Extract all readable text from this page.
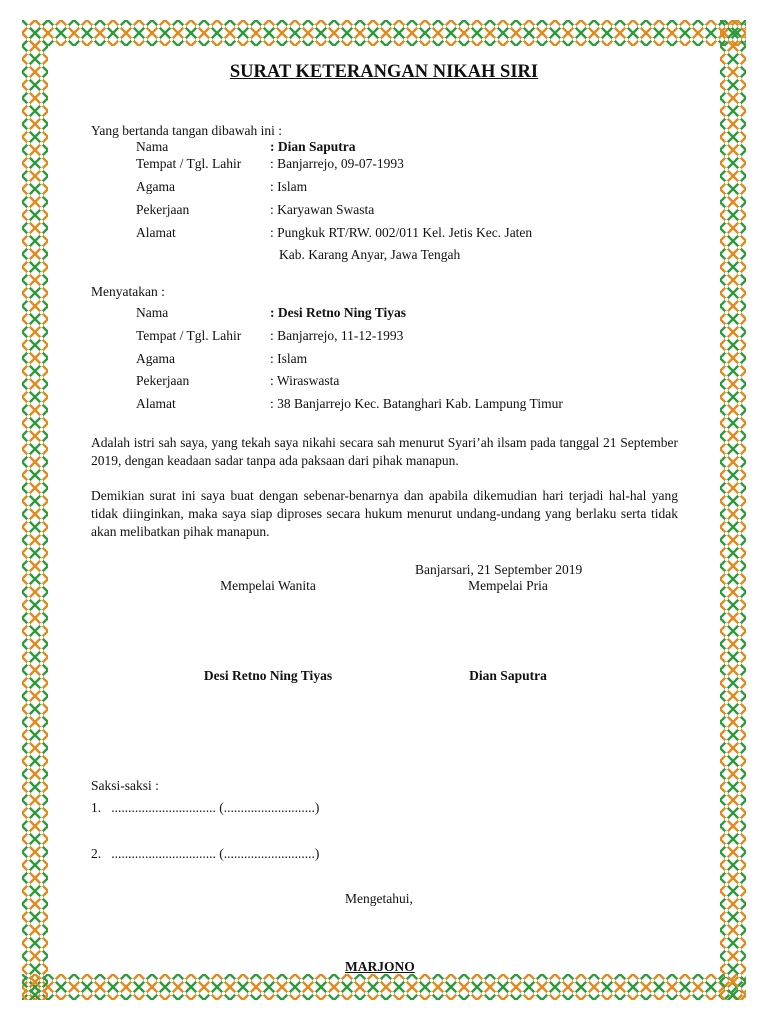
SURAT KETERANGAN NIKAH SIRI
Yang bertanda tangan dibawah ini :
Nama	: Dian Saputra
Tempat / Tgl. Lahir : Banjarrejo, 09-07-1993
Agama	: Islam
Pekerjaan	: Karyawan Swasta
Alamat	: Pungkuk RT/RW. 002/011 Kel. Jetis Kec. Jaten
Kab. Karang Anyar, Jawa Tengah
Menyatakan :
Nama	: Desi Retno Ning Tiyas
Tempat / Tgl. Lahir : Banjarrejo, 11-12-1993
Agama	: Islam
Pekerjaan	: Wiraswasta
Alamat	: 38 Banjarrejo Kec. Batanghari Kab. Lampung Timur
Adalah istri sah saya, yang tekah saya nikahi secara sah menurut Syari’ah ilsam pada tanggal 21 September 2019, dengan keadaan sadar tanpa ada paksaan dari pihak manapun.
Demikian surat ini saya buat dengan sebenar-benarnya dan apabila dikemudian hari terjadi hal-hal yang tidak diinginkan, maka saya siap diproses secara hukum menurut undang-undang yang berlaku serta tidak akan melibatkan pihak manapun.
Banjarsari, 21 September 2019
Mempelai Wanita	Mempelai Pria
Desi Retno Ning Tiyas	Dian Saputra
Saksi-saksi :
1.   ............................... (...........................)
2.   ............................... (...........................)
Mengetahui,
MARJONO
